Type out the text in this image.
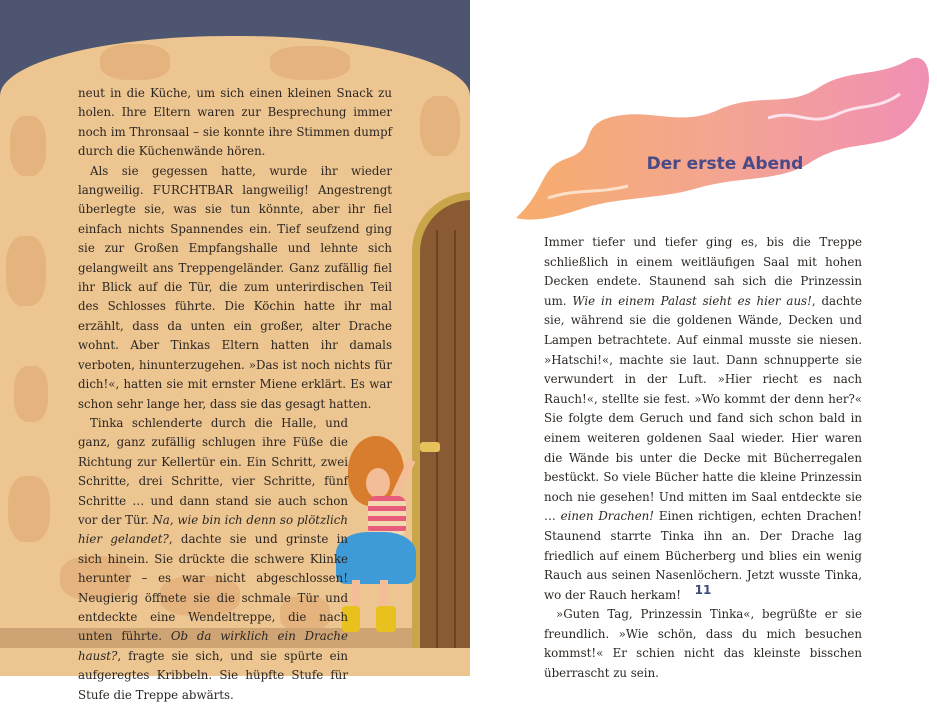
neut in die Küche, um sich einen kleinen Snack zu holen. Ihre Eltern waren zur Besprechung immer noch im Thronsaal – sie konnte ihre Stimmen dumpf durch die Küchenwände hören.

Als sie gegessen hatte, wurde ihr wieder langweilig. FURCHTBAR langweilig! Angestrengt überlegte sie, was sie tun könnte, aber ihr fiel einfach nichts Spannendes ein. Tief seufzend ging sie zur Großen Empfangshalle und lehnte sich gelangweilt ans Treppengeländer. Ganz zufällig fiel ihr Blick auf die Tür, die zum unterirdischen Teil des Schlosses führte. Die Köchin hatte ihr mal erzählt, dass da unten ein großer, alter Drache wohnt. Aber Tinkas Eltern hatten ihr damals verboten, hinunterzugehen. »Das ist noch nichts für dich!«, hatten sie mit ernster Miene erklärt. Es war schon sehr lange her, dass sie das gesagt hatten.

Tinka schlenderte durch die Halle, und ganz, ganz zufällig schlugen ihre Füße die Richtung zur Kellertür ein. Ein Schritt, zwei Schritte, drei Schritte, vier Schritte, fünf Schritte … und dann stand sie auch schon vor der Tür. Na, wie bin ich denn so plötzlich hier gelandet?, dachte sie und grinste in sich hinein. Sie drückte die schwere Klinke herunter – es war nicht abgeschlossen! Neugierig öffnete sie die schmale Tür und entdeckte eine Wendeltreppe, die nach unten führte. Ob da wirklich ein Drache haust?, fragte sie sich, und sie spürte ein aufgeregtes Kribbeln. Sie hüpfte Stufe für Stufe die Treppe abwärts.

Der erste Abend

Immer tiefer und tiefer ging es, bis die Treppe schließlich in einem weitläufigen Saal mit hohen Decken endete. Staunend sah sich die Prinzessin um. Wie in einem Palast sieht es hier aus!, dachte sie, während sie die goldenen Wände, Decken und Lampen betrachtete. Auf einmal musste sie niesen. »Hatschi!«, machte sie laut. Dann schnupperte sie verwundert in der Luft. »Hier riecht es nach Rauch!«, stellte sie fest. »Wo kommt der denn her?« Sie folgte dem Geruch und fand sich schon bald in einem weiteren goldenen Saal wieder. Hier waren die Wände bis unter die Decke mit Bücherregalen bestückt. So viele Bücher hatte die kleine Prinzessin noch nie gesehen! Und mitten im Saal entdeckte sie … einen Drachen! Einen richtigen, echten Drachen! Staunend starrte Tinka ihn an. Der Drache lag friedlich auf einem Bücherberg und blies ein wenig Rauch aus seinen Nasenlöchern. Jetzt wusste Tinka, wo der Rauch herkam!

»Guten Tag, Prinzessin Tinka«, begrüßte er sie freundlich. »Wie schön, dass du mich besuchen kommst!« Er schien nicht das kleinste bisschen überrascht zu sein.

11
